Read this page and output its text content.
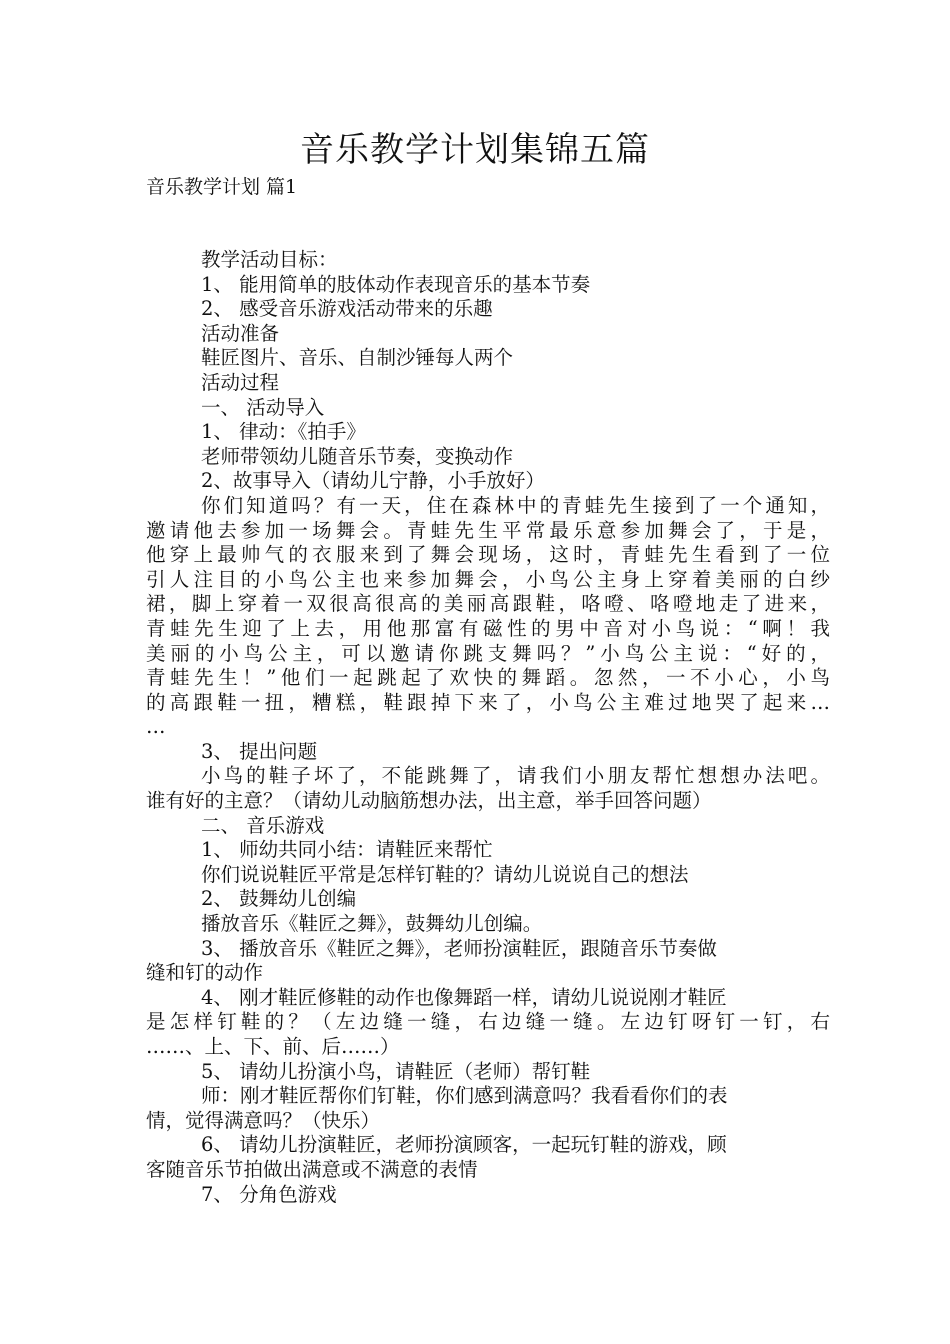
音乐教学计划集锦五篇
音乐教学计划 篇1
教学活动目标：
1、 能用简单的肢体动作表现音乐的基本节奏
2、 感受音乐游戏活动带来的乐趣
活动准备
鞋匠图片、音乐、自制沙锤每人两个
活动过程
一、 活动导入
1、 律动：《拍手》
老师带领幼儿随音乐节奏，变换动作
2、故事导入（请幼儿宁静，小手放好）
你们知道吗？有一天，住在森林中的青蛙先生接到了一个通知，
邀请他去参加一场舞会。青蛙先生平常最乐意参加舞会了，于是，
他穿上最帅气的衣服来到了舞会现场，这时，青蛙先生看到了一位
引人注目的小鸟公主也来参加舞会，小鸟公主身上穿着美丽的白纱
裙，脚上穿着一双很高很高的美丽高跟鞋，咯噔、咯噔地走了进来，
青蛙先生迎了上去，用他那富有磁性的男中音对小鸟说：“啊！我
美丽的小鸟公主，可以邀请你跳支舞吗？”小鸟公主说：“好的，
青蛙先生！”他们一起跳起了欢快的舞蹈。忽然，一不小心，小鸟
的高跟鞋一扭，糟糕，鞋跟掉下来了，小鸟公主难过地哭了起来…
…
3、 提出问题
小鸟的鞋子坏了，不能跳舞了，请我们小朋友帮忙想想办法吧。
谁有好的主意？（请幼儿动脑筋想办法，出主意，举手回答问题）
二、 音乐游戏
1、 师幼共同小结：请鞋匠来帮忙
你们说说鞋匠平常是怎样钉鞋的？请幼儿说说自己的想法
2、 鼓舞幼儿创编
播放音乐《鞋匠之舞》，鼓舞幼儿创编。
3、 播放音乐《鞋匠之舞》，老师扮演鞋匠，跟随音乐节奏做
缝和钉的动作
4、 刚才鞋匠修鞋的动作也像舞蹈一样，请幼儿说说刚才鞋匠
是怎样钉鞋的？（左边缝一缝，右边缝一缝。左边钉呀钉一钉，右
……、上、下、前、后……）
5、 请幼儿扮演小鸟，请鞋匠（老师）帮钉鞋
师：刚才鞋匠帮你们钉鞋，你们感到满意吗？我看看你们的表
情，觉得满意吗？（快乐）
6、 请幼儿扮演鞋匠，老师扮演顾客，一起玩钉鞋的游戏，顾
客随音乐节拍做出满意或不满意的表情
7、 分角色游戏
